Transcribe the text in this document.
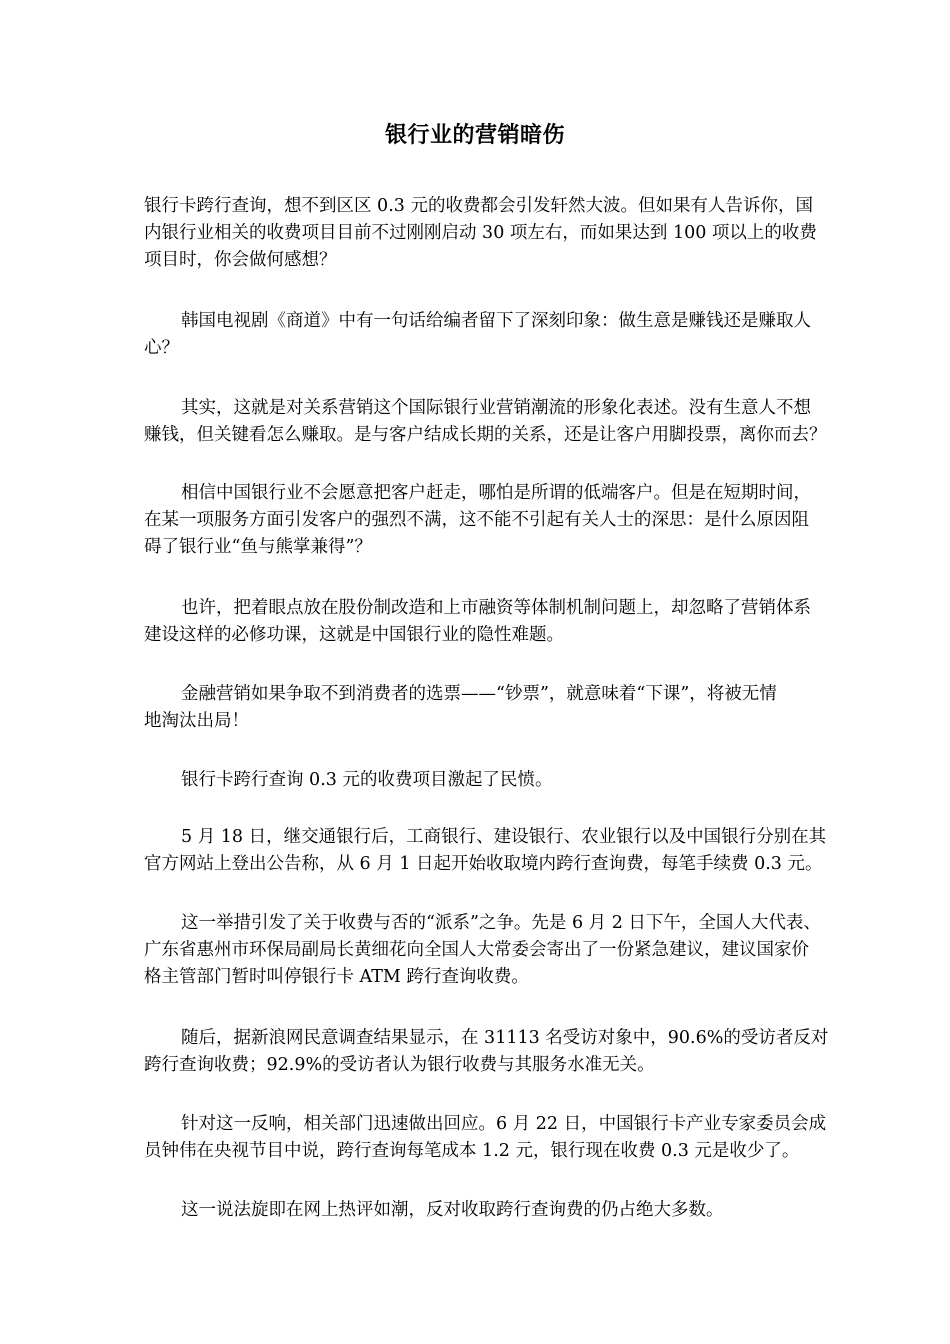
银行业的营销暗伤
银行卡跨行查询，想不到区区 0.3 元的收费都会引发轩然大波。但如果有人告诉你，国
内银行业相关的收费项目目前不过刚刚启动 30 项左右，而如果达到 100 项以上的收费
项目时，你会做何感想？
韩国电视剧《商道》中有一句话给编者留下了深刻印象：做生意是赚钱还是赚取人
心？
其实，这就是对关系营销这个国际银行业营销潮流的形象化表述。没有生意人不想
赚钱，但关键看怎么赚取。是与客户结成长期的关系，还是让客户用脚投票，离你而去？
相信中国银行业不会愿意把客户赶走，哪怕是所谓的低端客户。但是在短期时间，
在某一项服务方面引发客户的强烈不满，这不能不引起有关人士的深思：是什么原因阻
碍了银行业“鱼与熊掌兼得”？
也许，把着眼点放在股份制改造和上市融资等体制机制问题上，却忽略了营销体系
建设这样的必修功课，这就是中国银行业的隐性难题。
金融营销如果争取不到消费者的选票——“钞票”，就意味着“下课”，将被无情
地淘汰出局！
银行卡跨行查询 0.3 元的收费项目激起了民愤。
5 月 18 日，继交通银行后，工商银行、建设银行、农业银行以及中国银行分别在其
官方网站上登出公告称，从 6 月 1 日起开始收取境内跨行查询费，每笔手续费 0.3 元。
这一举措引发了关于收费与否的“派系”之争。先是 6 月 2 日下午，全国人大代表、
广东省惠州市环保局副局长黄细花向全国人大常委会寄出了一份紧急建议，建议国家价
格主管部门暂时叫停银行卡 ATM 跨行查询收费。
随后，据新浪网民意调查结果显示，在 31113 名受访对象中，90.6%的受访者反对
跨行查询收费；92.9%的受访者认为银行收费与其服务水准无关。
针对这一反响，相关部门迅速做出回应。6 月 22 日，中国银行卡产业专家委员会成
员钟伟在央视节目中说，跨行查询每笔成本 1.2 元，银行现在收费 0.3 元是收少了。
这一说法旋即在网上热评如潮，反对收取跨行查询费的仍占绝大多数。
